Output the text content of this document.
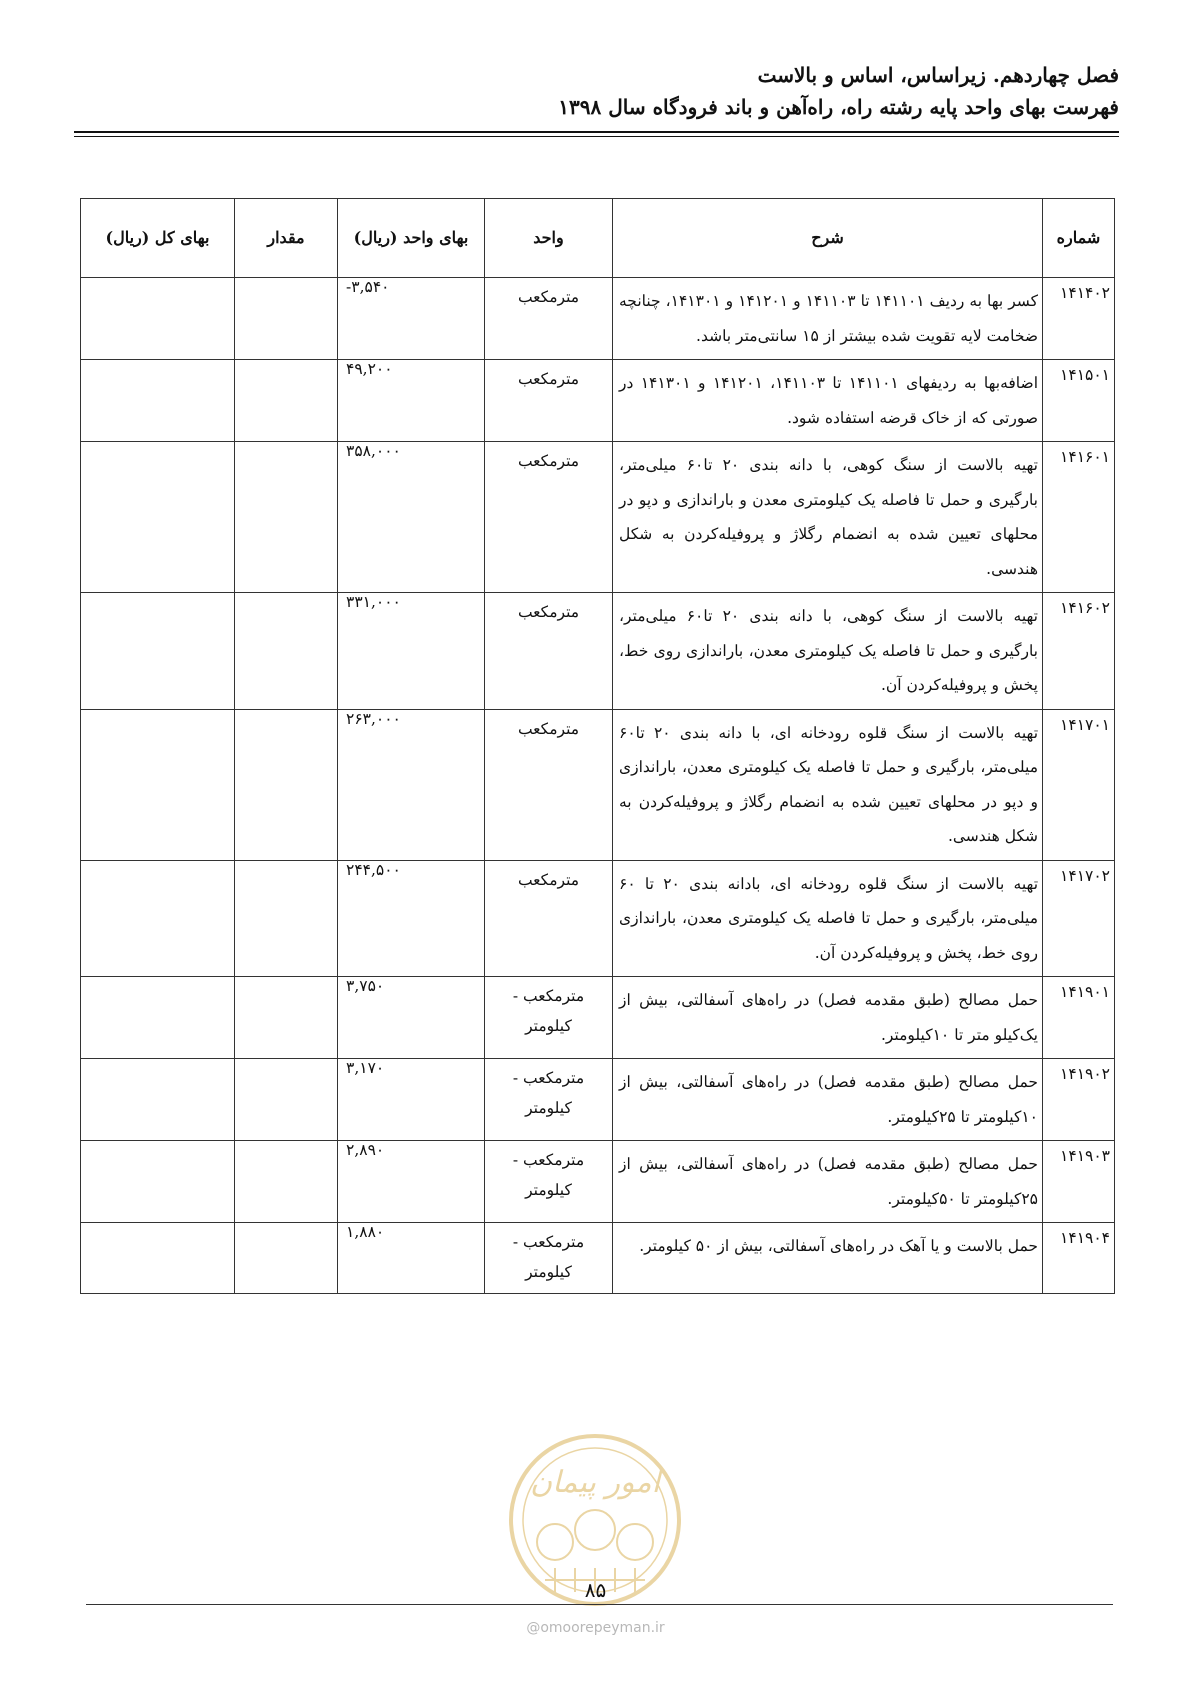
فصل چهاردهم. زیراساس، اساس و بالاست
فهرست بهای واحد پایه رشته راه، راه‌آهن و باند فرودگاه سال ۱۳۹۸
شماره	شرح	واحد	بهای واحد (ریال)	مقدار	بهای کل (ریال)
۱۴۱۴۰۲	کسر بها به ردیف ۱۴۱۱۰۱ تا ۱۴۱۱۰۳ و ۱۴۱۲۰۱ و ۱۴۱۳۰۱، چنانچه ضخامت لایه تقویت شده بیشتر از ۱۵ سانتی‌متر باشد.	مترمکعب	-۳,۵۴۰		
۱۴۱۵۰۱	اضافه‌بها به ردیفهای ۱۴۱۱۰۱ تا ۱۴۱۱۰۳، ۱۴۱۲۰۱ و ۱۴۱۳۰۱ در صورتی که از خاک قرضه استفاده شود.	مترمکعب	۴۹,۲۰۰		
۱۴۱۶۰۱	تهیه بالاست از سنگ کوهی، با دانه بندی ۲۰ تا۶۰ میلی‌متر، بارگیری و حمل تا فاصله یک کیلومتری معدن و باراندازی و دپو در محلهای تعیین شده به انضمام رگلاژ و پروفیله‌کردن به شکل هندسی.	مترمکعب	۳۵۸,۰۰۰		
۱۴۱۶۰۲	تهیه بالاست از سنگ کوهی، با دانه بندی ۲۰ تا۶۰ میلی‌متر، بارگیری و حمل تا فاصله یک کیلومتری معدن، باراندازی روی خط، پخش و پروفیله‌کردن آن.	مترمکعب	۳۳۱,۰۰۰		
۱۴۱۷۰۱	تهیه بالاست از سنگ قلوه رودخانه ای، با دانه بندی ۲۰ تا۶۰ میلی‌متر، بارگیری و حمل تا فاصله یک کیلومتری معدن، باراندازی و دپو در محلهای تعیین شده به انضمام رگلاژ و پروفیله‌کردن به شکل هندسی.	مترمکعب	۲۶۳,۰۰۰		
۱۴۱۷۰۲	تهیه بالاست از سنگ قلوه رودخانه ای، بادانه بندی ۲۰ تا ۶۰ میلی‌متر، بارگیری و حمل تا فاصله یک کیلومتری معدن، باراندازی روی خط، پخش و پروفیله‌کردن آن.	مترمکعب	۲۴۴,۵۰۰		
۱۴۱۹۰۱	حمل مصالح (طبق مقدمه فصل) در راه‌های آسفالتی، بیش از یک‌کیلو متر تا ۱۰کیلومتر.	مترمکعب - کیلومتر	۳,۷۵۰		
۱۴۱۹۰۲	حمل مصالح (طبق مقدمه فصل) در راه‌های آسفالتی، بیش از ۱۰کیلومتر تا ۲۵کیلومتر.	مترمکعب - کیلومتر	۳,۱۷۰		
۱۴۱۹۰۳	حمل مصالح (طبق مقدمه فصل) در راه‌های آسفالتی، بیش از ۲۵کیلومتر تا ۵۰کیلومتر.	مترمکعب - کیلومتر	۲,۸۹۰		
۱۴۱۹۰۴	حمل بالاست و یا آهک در راه‌های آسفالتی، بیش از ۵۰ کیلومتر.	مترمکعب - کیلومتر	۱,۸۸۰		
امور پیمان
۸۵
@omoorepeyman.ir
